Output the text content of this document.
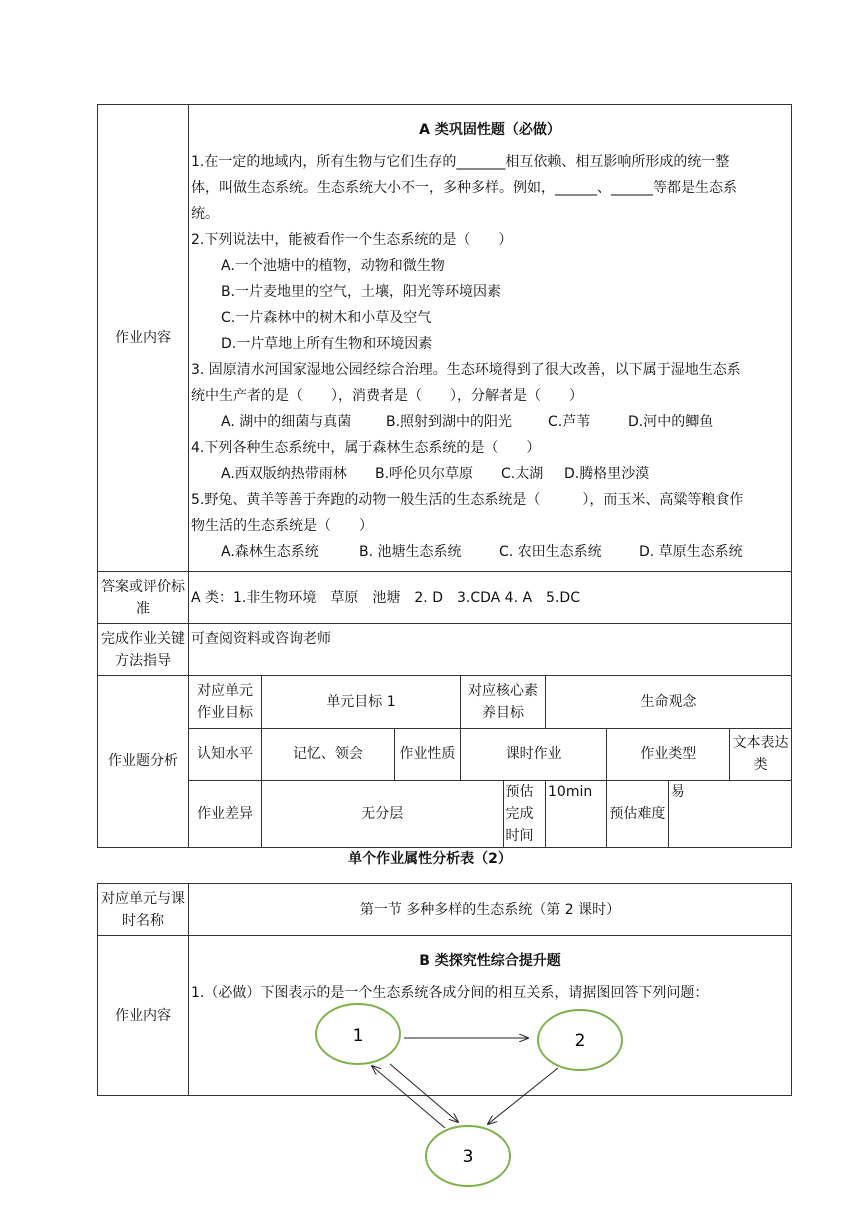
作业内容	
A 类巩固性题（必做）
1.在一定的地域内，所有生物与它们生存的_______相互依赖、相互影响所形成的统一整
体，叫做生态系统。生态系统大小不一，多种多样。例如，______、______等都是生态系
统。
2.下列说法中，能被看作一个生态系统的是（　　）
A.一个池塘中的植物，动物和微生物
B.一片麦地里的空气，土壤，阳光等环境因素
C.一片森林中的树木和小草及空气
D.一片草地上所有生物和环境因素
3. 固原清水河国家湿地公园经综合治理。生态环境得到了很大改善，以下属于湿地生态系
统中生产者的是（　　），消费者是（　　），分解者是（　　）
A. 湖中的细菌与真菌 B.照射到湖中的阳光	C.芦苇	D.河中的鲫鱼
4.下列各种生态系统中，属于森林生态系统的是（　　）
A.西双版纳热带雨林 B.呼伦贝尔草原 C.太湖 D.腾格里沙漠
5.野兔、黄羊等善于奔跑的动物一般生活的生态系统是（　　　），而玉米、高粱等粮食作
物生活的生态系统是（　　）
A.森林生态系统	B. 池塘生态系统	C. 农田生态系统	D. 草原生态系统

答案或评价标准	A 类：1.非生物环境　草原　池塘　2. D　3.CDA 4. A　5.DC
完成作业关键方法指导	可查阅资料或咨询老师
作业题分析	
对应单元作业目标	单元目标 1	对应核心素养目标	生命观念
认知水平	记忆、领会	作业性质	课时作业	作业类型	文本表达类
作业差异	无分层	预估完成时间	10min	预估难度	易
单个作业属性分析表（2）
对应单元与课时名称	第一节 多种多样的生态系统（第 2 课时）
作业内容	B 类探究性综合提升题
1.（必做）下图表示的是一个生态系统各成分间的相互关系，请据图回答下列问题：
1	2
3
